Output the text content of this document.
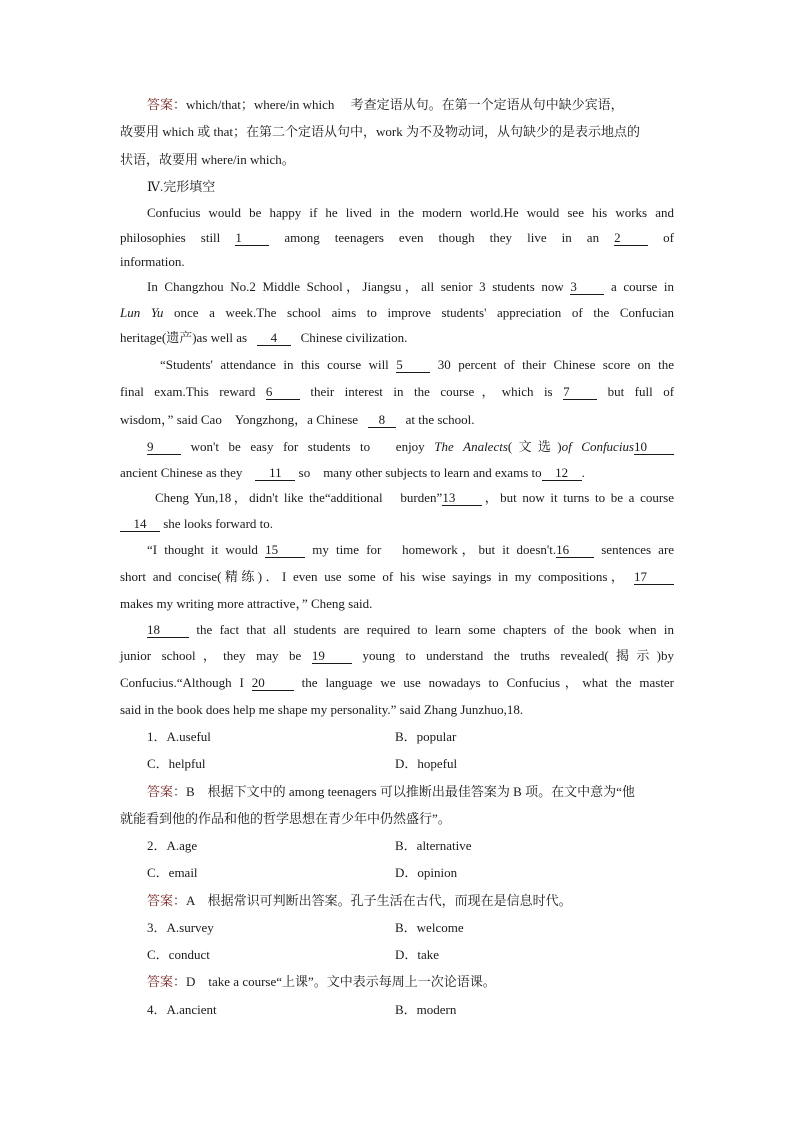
答案：which/that；where/in which　 考查定语从句。在第一个定语从句中缺少宾语，
故要用 which 或 that；在第二个定语从句中，work 为不及物动词，从句缺少的是表示地点的
状语，故要用 where/in which。
Ⅳ.完形填空
Confucius would be happy if he lived in the modern world.He would see his works and
philosophies still 1	among teenagers even though they live in an 2	of
information.
In Changzhou No.2 Middle School，Jiangsu，all senior 3 students now 3	a course in
Lun Yu once a week.The school aims to improve students' appreciation of the Confucian
heritage(遗产)as well as 4 Chinese civilization.
“Students' attendance in this course will 5	30 percent of their Chinese score on the
final exam.This reward 6	their interest in the course，which is 7	but full of
wisdom，” said Cao　Yongzhong，a Chinese 8 at the school.
9	won't be easy for students to　enjoy The Analects(文选)of Confucius10
ancient Chinese as they 11 so　many other subjects to learn and exams to 12 .
Cheng Yun,18，didn't like the“additional　burden”13 ，but now it turns to be a course
14 she looks forward to.
“I thought it would 15	my time for　homework，but it doesn't.16 sentences are
short and concise(精练)．I even use some of his wise sayings in my compositions， 17
makes my writing more attractive，” Cheng said.
18	the fact that all students are required to learn some chapters of the book when in
junior school，they may be 19	young to understand the truths revealed(揭示)by
Confucius.“Although I 20	the language we use nowadays to Confucius，what the master
said in the book does help me shape my personality.” said Zhang Junzhuo,18.
1．A.useful	B．popular
C．helpful	D．hopeful
答案：B　根据下文中的 among teenagers 可以推断出最佳答案为 B 项。在文中意为“他
就能看到他的作品和他的哲学思想在青少年中仍然盛行”。
2．A.age	B．alternative
C．email	D．opinion
答案：A　根据常识可判断出答案。孔子生活在古代，而现在是信息时代。
3．A.survey	B．welcome
C．conduct	D．take
答案：D　take a course“上课”。文中表示每周上一次论语课。
4．A.ancient	B．modern
